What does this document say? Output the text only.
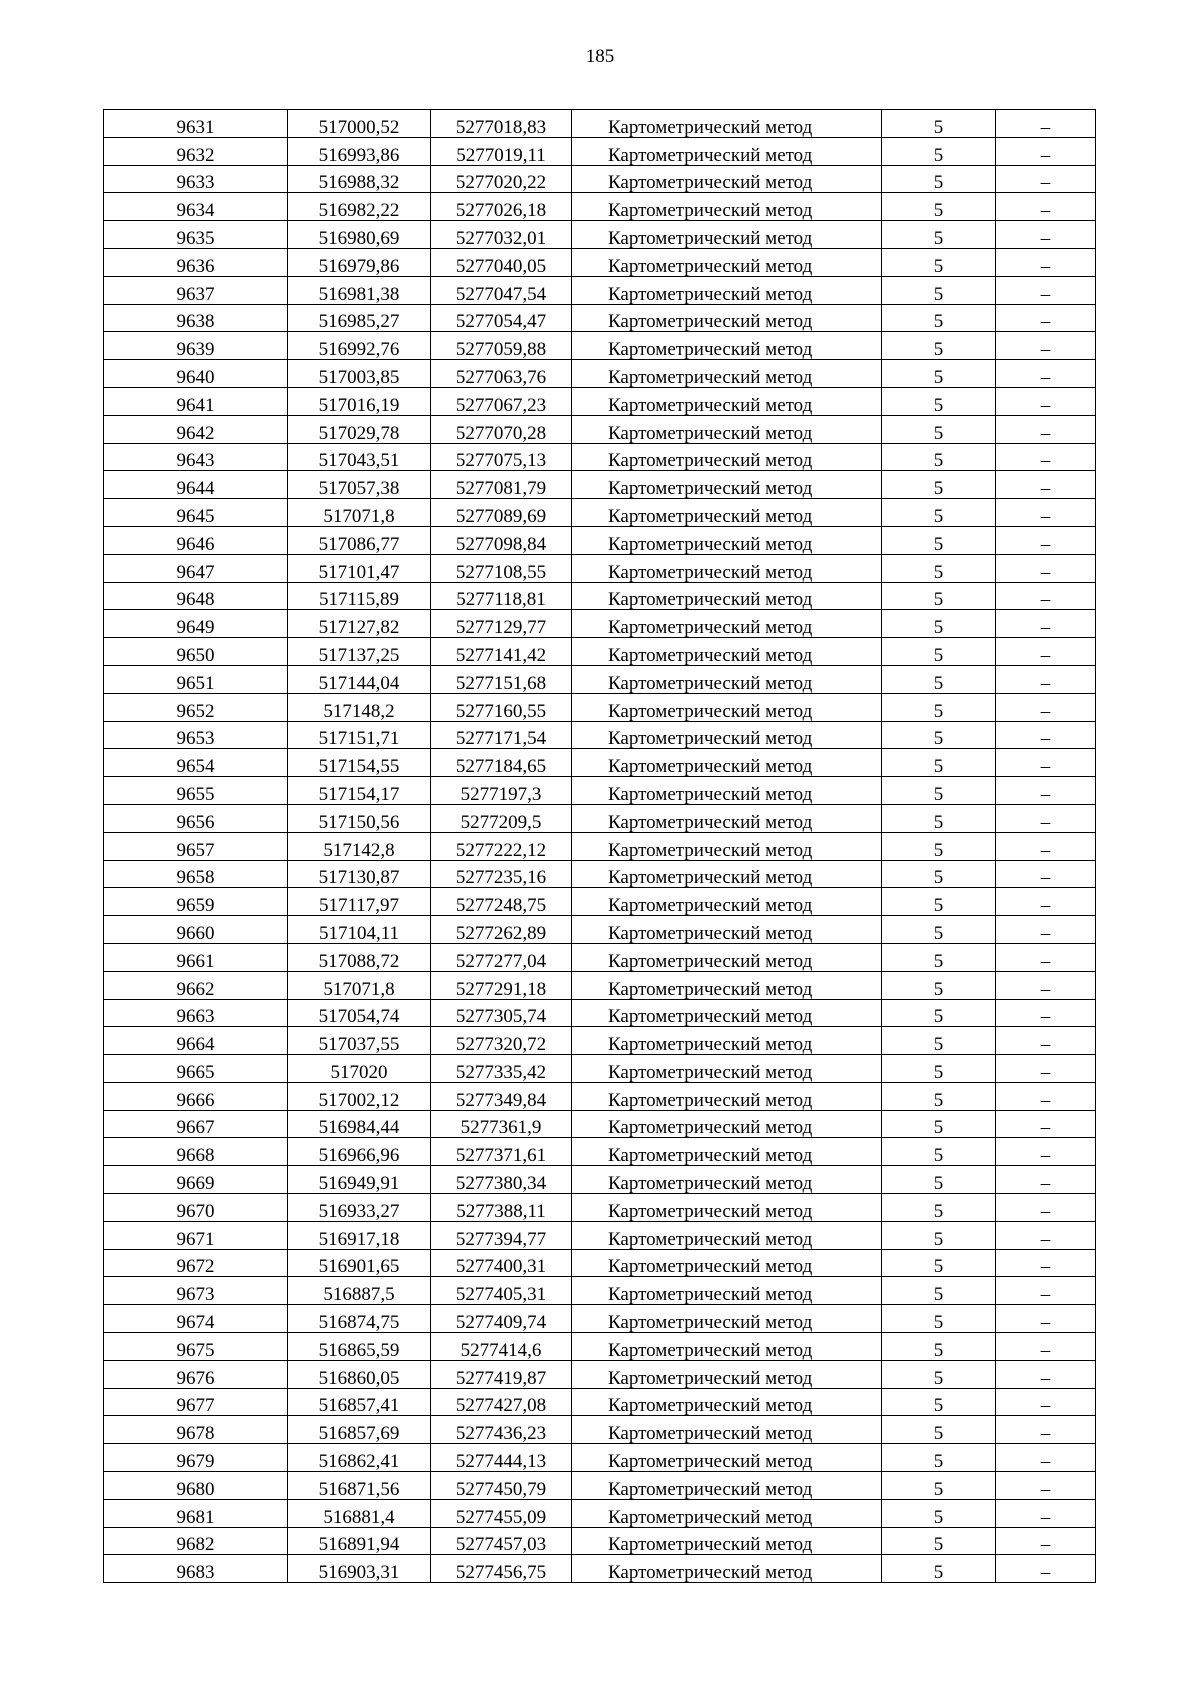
185
9631	517000,52	5277018,83	Картометрический метод	5	–
9632	516993,86	5277019,11	Картометрический метод	5	–
9633	516988,32	5277020,22	Картометрический метод	5	–
9634	516982,22	5277026,18	Картометрический метод	5	–
9635	516980,69	5277032,01	Картометрический метод	5	–
9636	516979,86	5277040,05	Картометрический метод	5	–
9637	516981,38	5277047,54	Картометрический метод	5	–
9638	516985,27	5277054,47	Картометрический метод	5	–
9639	516992,76	5277059,88	Картометрический метод	5	–
9640	517003,85	5277063,76	Картометрический метод	5	–
9641	517016,19	5277067,23	Картометрический метод	5	–
9642	517029,78	5277070,28	Картометрический метод	5	–
9643	517043,51	5277075,13	Картометрический метод	5	–
9644	517057,38	5277081,79	Картометрический метод	5	–
9645	517071,8	5277089,69	Картометрический метод	5	–
9646	517086,77	5277098,84	Картометрический метод	5	–
9647	517101,47	5277108,55	Картометрический метод	5	–
9648	517115,89	5277118,81	Картометрический метод	5	–
9649	517127,82	5277129,77	Картометрический метод	5	–
9650	517137,25	5277141,42	Картометрический метод	5	–
9651	517144,04	5277151,68	Картометрический метод	5	–
9652	517148,2	5277160,55	Картометрический метод	5	–
9653	517151,71	5277171,54	Картометрический метод	5	–
9654	517154,55	5277184,65	Картометрический метод	5	–
9655	517154,17	5277197,3	Картометрический метод	5	–
9656	517150,56	5277209,5	Картометрический метод	5	–
9657	517142,8	5277222,12	Картометрический метод	5	–
9658	517130,87	5277235,16	Картометрический метод	5	–
9659	517117,97	5277248,75	Картометрический метод	5	–
9660	517104,11	5277262,89	Картометрический метод	5	–
9661	517088,72	5277277,04	Картометрический метод	5	–
9662	517071,8	5277291,18	Картометрический метод	5	–
9663	517054,74	5277305,74	Картометрический метод	5	–
9664	517037,55	5277320,72	Картометрический метод	5	–
9665	517020	5277335,42	Картометрический метод	5	–
9666	517002,12	5277349,84	Картометрический метод	5	–
9667	516984,44	5277361,9	Картометрический метод	5	–
9668	516966,96	5277371,61	Картометрический метод	5	–
9669	516949,91	5277380,34	Картометрический метод	5	–
9670	516933,27	5277388,11	Картометрический метод	5	–
9671	516917,18	5277394,77	Картометрический метод	5	–
9672	516901,65	5277400,31	Картометрический метод	5	–
9673	516887,5	5277405,31	Картометрический метод	5	–
9674	516874,75	5277409,74	Картометрический метод	5	–
9675	516865,59	5277414,6	Картометрический метод	5	–
9676	516860,05	5277419,87	Картометрический метод	5	–
9677	516857,41	5277427,08	Картометрический метод	5	–
9678	516857,69	5277436,23	Картометрический метод	5	–
9679	516862,41	5277444,13	Картометрический метод	5	–
9680	516871,56	5277450,79	Картометрический метод	5	–
9681	516881,4	5277455,09	Картометрический метод	5	–
9682	516891,94	5277457,03	Картометрический метод	5	–
9683	516903,31	5277456,75	Картометрический метод	5	–
